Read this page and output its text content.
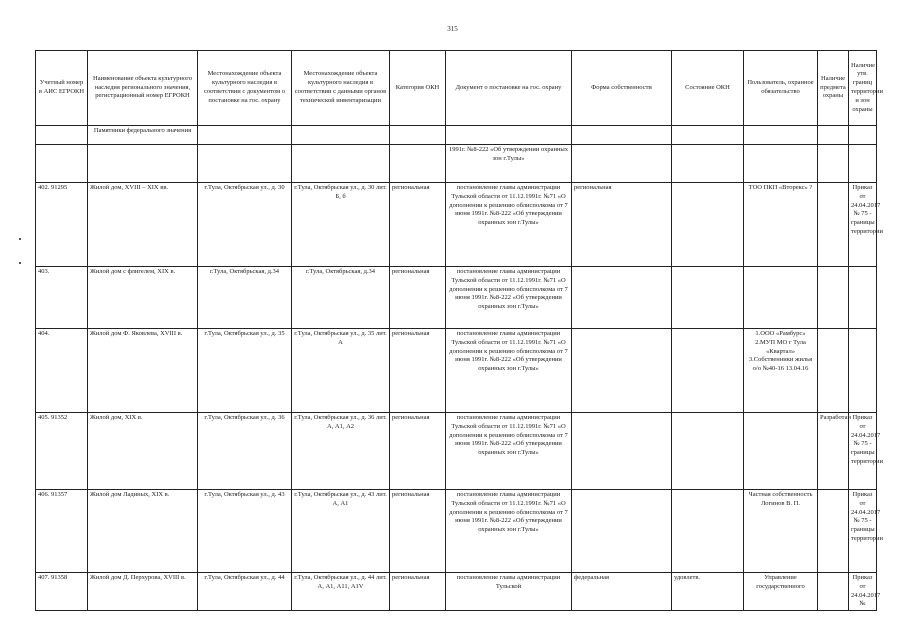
315
Учетный номер в АИС ЕГРОКН	Наименование объекта культурного наследия регионального значения, регистрационный номер ЕГРОКН	Местонахождение объекта культурного наследия в соответствии с документом о постановке на гос. охрану	Местонахождение объекта культурного наследия в соответствии с данными органов технической инвентаризации	Категория ОКН	Документ о постановке на гос. охрану	Форма собственности	Состояние ОКН	Пользователь, охранное обязательство	Наличие предмета охраны	Наличие утв. границ территории и зон охраны
	Памятники федерального значения									
					1991г. №8-222 «Об утверждении охранных зон г.Тулы»					
402. 91295	Жилой дом, XVIII – XIX вв.	г.Тула, Октябрьская ул., д. 30	г.Тула, Октябрьская ул., д. 30 лит. Б, б	региональная	постановление главы администрации Тульской области от 11.12.1991г. №71 «О дополнении к решению облисполкома от 7 июня 1991г. №8-222 «Об утверждении охранных зон г.Тулы»	региональная		ТОО ПКП «Вторекс» ?		Приказ от 24.04.2017 № 75 - границы территории
403.	Жилой дом с флигелем, XIX в.	г.Тула, Октябрьская, д.34	г.Тула, Октябрьская, д.34	региональная	постановление главы администрации Тульской области от 11.12.1991г. №71 «О дополнении к решению облисполкома от 7 июня 1991г. №8-222 «Об утверждении охранных зон г.Тулы»					
404.	Жилой дом Ф. Яковлева, XVIII в.	г.Тула, Октябрьская ул., д. 35	г.Тула, Октябрьская ул., д. 35 лит. А	региональная	постановление главы администрации Тульской области от 11.12.1991г. №71 «О дополнении к решению облисполкома от 7 июня 1991г. №8-222 «Об утверждении охранных зон г.Тулы»			1.ООО «Рамбурс» 2.МУП МО г Тула «Квартал» 3.Собственники жилья о/о №40-16 13.04.16		
405. 91352	Жилой дом, XIX в.	г.Тула, Октябрьская ул., д. 36	г.Тула, Октябрьская ул., д. 36 лит. А, А1, А2	региональная	постановление главы администрации Тульской области от 11.12.1991г. №71 «О дополнении к решению облисполкома от 7 июня 1991г. №8-222 «Об утверждении охранных зон г.Тулы»				Разработан	Приказ от 24.04.2017 № 75 - границы территории
406. 91357	Жилой дом Ладиных, XIX в.	г.Тула, Октябрьская ул., д. 43	г.Тула, Октябрьская ул., д. 43 лит. А, А1	региональная	постановление главы администрации Тульской области от 11.12.1991г. №71 «О дополнении к решению облисполкома от 7 июня 1991г. №8-222 «Об утверждении охранных зон г.Тулы»			Частная собственность Логинов В. П.		Приказ от 24.04.2017 № 75 - границы территории
407. 91358	Жилой дом Д. Перхурова, XVIII в.	г.Тула, Октябрьская ул., д. 44	г.Тула, Октябрьская ул., д. 44 лит. А, А1, А11, А1V	региональная	постановление главы администрации Тульской	федеральная	удовлетв.	Управление государственного		Приказ от 24.04.2017 №
